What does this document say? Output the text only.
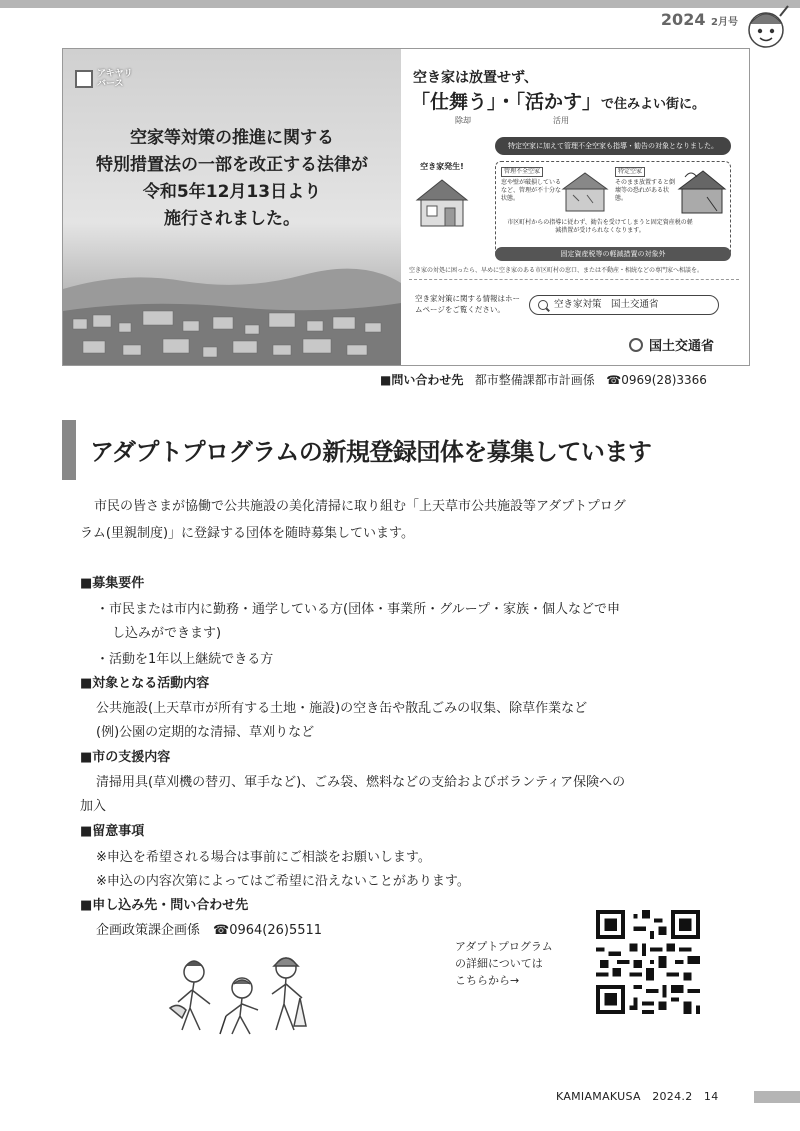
2024 2月号
アキヤリバース
空家等対策の推進に関する
特別措置法の一部を改正する法律が
令和5年12月13日より
施行されました。
空き家は放置せず、
「仕舞う」・「活かす」で住みよい街に。
除却	活用
特定空家に加えて管理不全空家も指導・勧告の対象となりました。
空き家発生!
管理不全空家
窓や壁が破損しているなど、管理が不十分な状態。
特定空家
そのまま放置すると倒壊等の恐れがある状態。
市区町村からの指導に従わず、勧告を受けてしまうと固定資産税の軽減措置が受けられなくなります。
固定資産税等の軽減措置の対象外
空き家の対処に困ったら、早めに空き家のある市区町村の窓口、または不動産・相続などの専門家へ相談を。
空き家対策に関する情報はホームページをご覧ください。	空き家対策　国土交通省
国土交通省
■問い合わせ先 都市整備課都市計画係 ☎0969(28)3366
アダプトプログラムの新規登録団体を募集しています
市民の皆さまが協働で公共施設の美化清掃に取り組む「上天草市公共施設等アダプトプログ
ラム(里親制度)」に登録する団体を随時募集しています。
■募集要件
・市民または市内に勤務・通学している方(団体・事業所・グループ・家族・個人などで申
し込みができます)
・活動を1年以上継続できる方
■対象となる活動内容
公共施設(上天草市が所有する土地・施設)の空き缶や散乱ごみの収集、除草作業など
(例)公園の定期的な清掃、草刈りなど
■市の支援内容
清掃用具(草刈機の替刃、軍手など)、ごみ袋、燃料などの支給およびボランティア保険への
加入
■留意事項
※申込を希望される場合は事前にご相談をお願いします。
※申込の内容次第によってはご希望に沿えないことがあります。
■申し込み先・問い合わせ先
企画政策課企画係　☎0964(26)5511
アダプトプログラム
の詳細については
こちらから→
KAMIAMAKUSA 2024.2 14
